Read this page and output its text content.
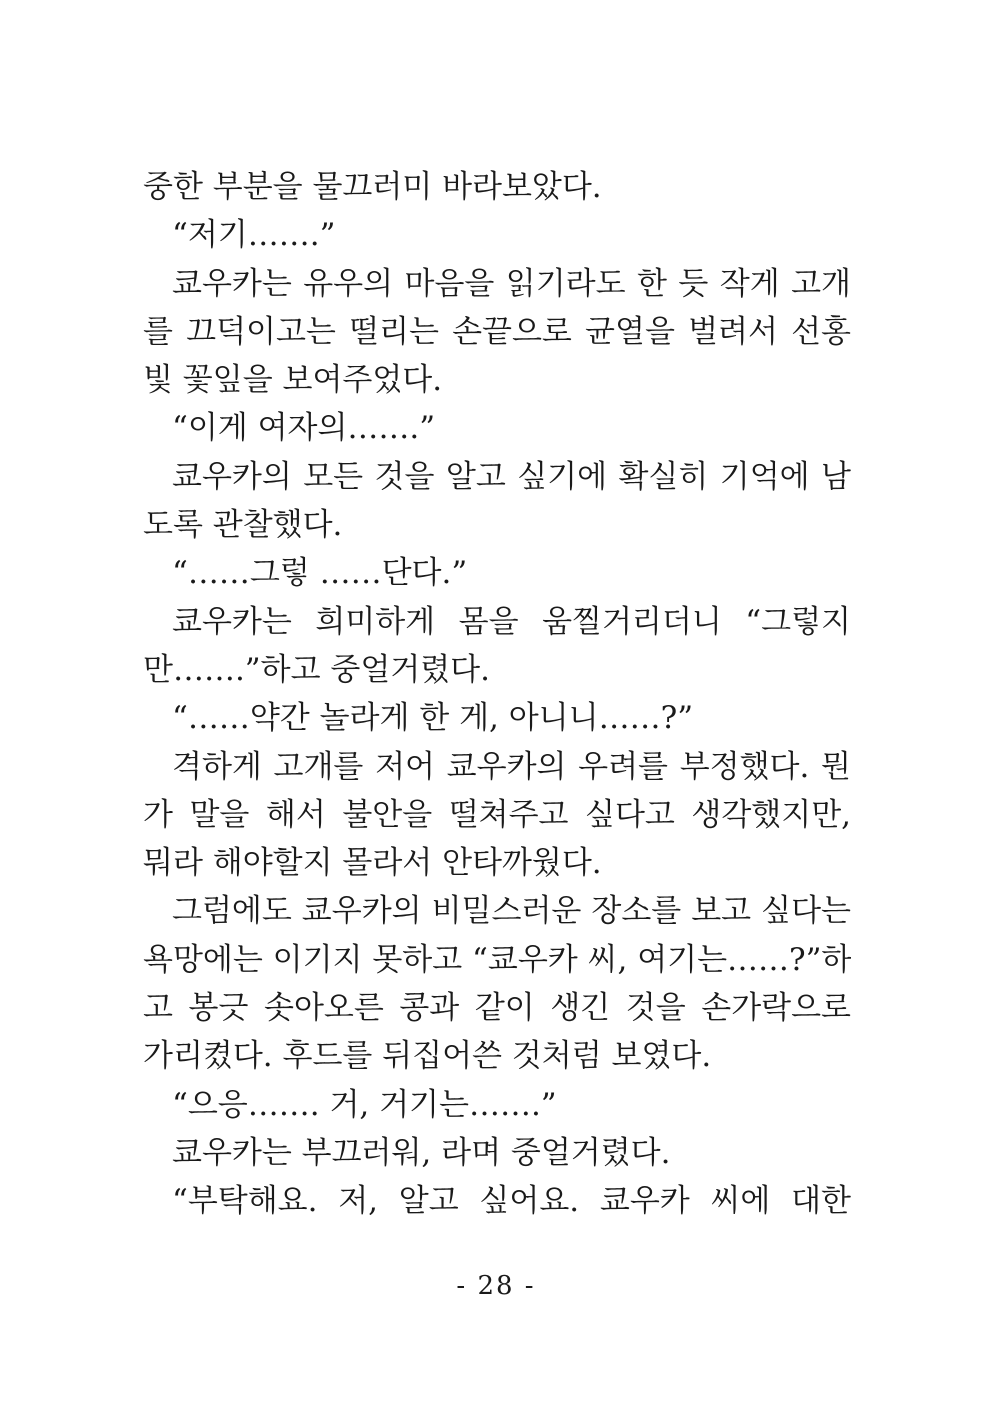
중한 부분을 물끄러미 바라보았다.
“저기…….”
쿄우카는 유우의 마음을 읽기라도 한 듯 작게 고개
를 끄덕이고는 떨리는 손끝으로 균열을 벌려서 선홍
빛 꽃잎을 보여주었다.
“이게 여자의…….”
쿄우카의 모든 것을 알고 싶기에 확실히 기억에 남
도록 관찰했다.
“……그렇 ……단다.”
쿄우카는 희미하게 몸을 움찔거리더니 “그렇지
만…….”하고 중얼거렸다.
“……약간 놀라게 한 게, 아니니……?”
격하게 고개를 저어 쿄우카의 우려를 부정했다. 뭔
가 말을 해서 불안을 떨쳐주고 싶다고 생각했지만,
뭐라 해야할지 몰라서 안타까웠다.
그럼에도 쿄우카의 비밀스러운 장소를 보고 싶다는
욕망에는 이기지 못하고 “쿄우카 씨, 여기는……?”하
고 봉긋 솟아오른 콩과 같이 생긴 것을 손가락으로
가리켰다. 후드를 뒤집어쓴 것처럼 보였다.
“으응……. 거, 거기는…….”
쿄우카는 부끄러워, 라며 중얼거렸다.
“부탁해요. 저, 알고 싶어요. 쿄우카 씨에 대한
- 28 -
